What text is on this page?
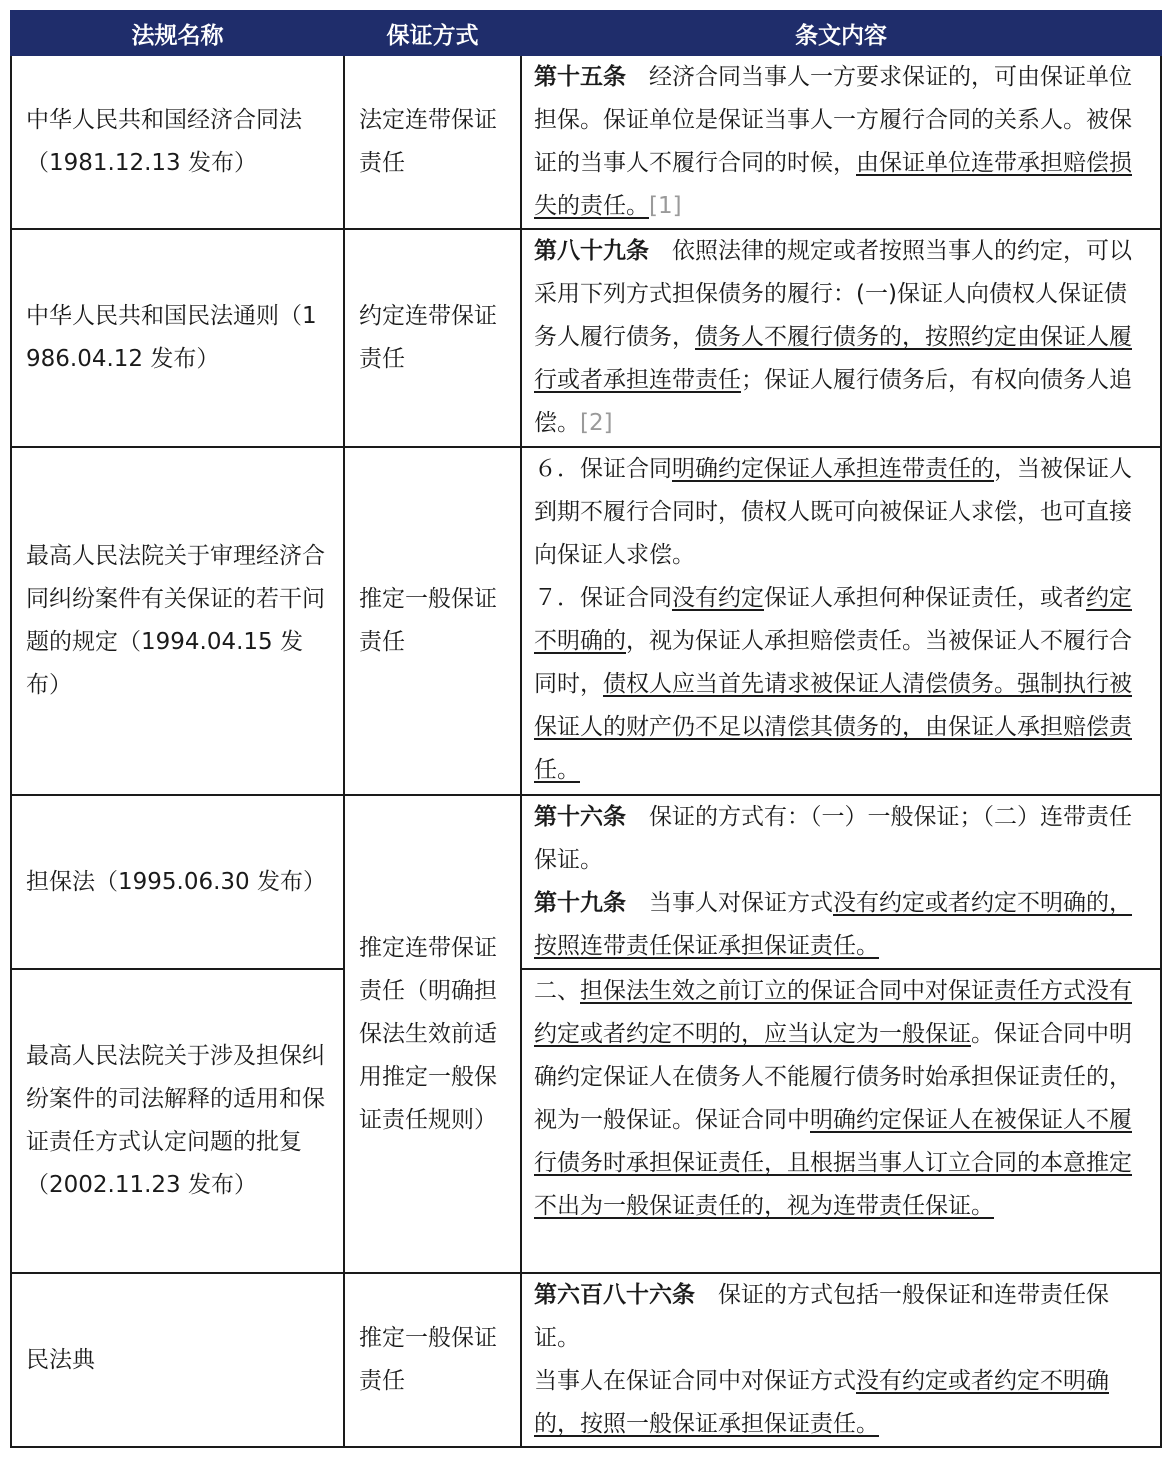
法规名称	保证方式	条文内容
中华人民共和国经济合同法（1981.12.13 发布）	法定连带保证责任	第十五条　经济合同当事人一方要求保证的，可由保证单位担保。保证单位是保证当事人一方履行合同的关系人。被保证的当事人不履行合同的时候，由保证单位连带承担赔偿损失的责任。[1]

中华人民共和国民法通则（1986.04.12 发布）	约定连带保证责任	第八十九条　依照法律的规定或者按照当事人的约定，可以采用下列方式担保债务的履行：(一)保证人向债权人保证债务人履行债务，债务人不履行债务的，按照约定由保证人履行或者承担连带责任；保证人履行债务后，有权向债务人追偿。[2]

最高人民法院关于审理经济合同纠纷案件有关保证的若干问题的规定（1994.04.15 发布）	推定一般保证责任	６．保证合同明确约定保证人承担连带责任的，当被保证人到期不履行合同时，债权人既可向被保证人求偿，也可直接向保证人求偿。
７．保证合同没有约定保证人承担何种保证责任，或者约定不明确的，视为保证人承担赔偿责任。当被保证人不履行合同时，债权人应当首先请求被保证人清偿债务。强制执行被保证人的财产仍不足以清偿其债务的，由保证人承担赔偿责任。

担保法（1995.06.30 发布）	推定连带保证责任（明确担保法生效前适用推定一般保证责任规则）	第十六条　保证的方式有：（一）一般保证；（二）连带责任保证。
第十九条　当事人对保证方式没有约定或者约定不明确的，按照连带责任保证承担保证责任。

最高人民法院关于涉及担保纠纷案件的司法解释的适用和保证责任方式认定问题的批复（2002.11.23 发布）		二、担保法生效之前订立的保证合同中对保证责任方式没有约定或者约定不明的，应当认定为一般保证。保证合同中明确约定保证人在债务人不能履行债务时始承担保证责任的，视为一般保证。保证合同中明确约定保证人在被保证人不履行债务时承担保证责任，且根据当事人订立合同的本意推定不出为一般保证责任的，视为连带责任保证。

民法典	推定一般保证责任	第六百八十六条　保证的方式包括一般保证和连带责任保证。
当事人在保证合同中对保证方式没有约定或者约定不明确的，按照一般保证承担保证责任。
